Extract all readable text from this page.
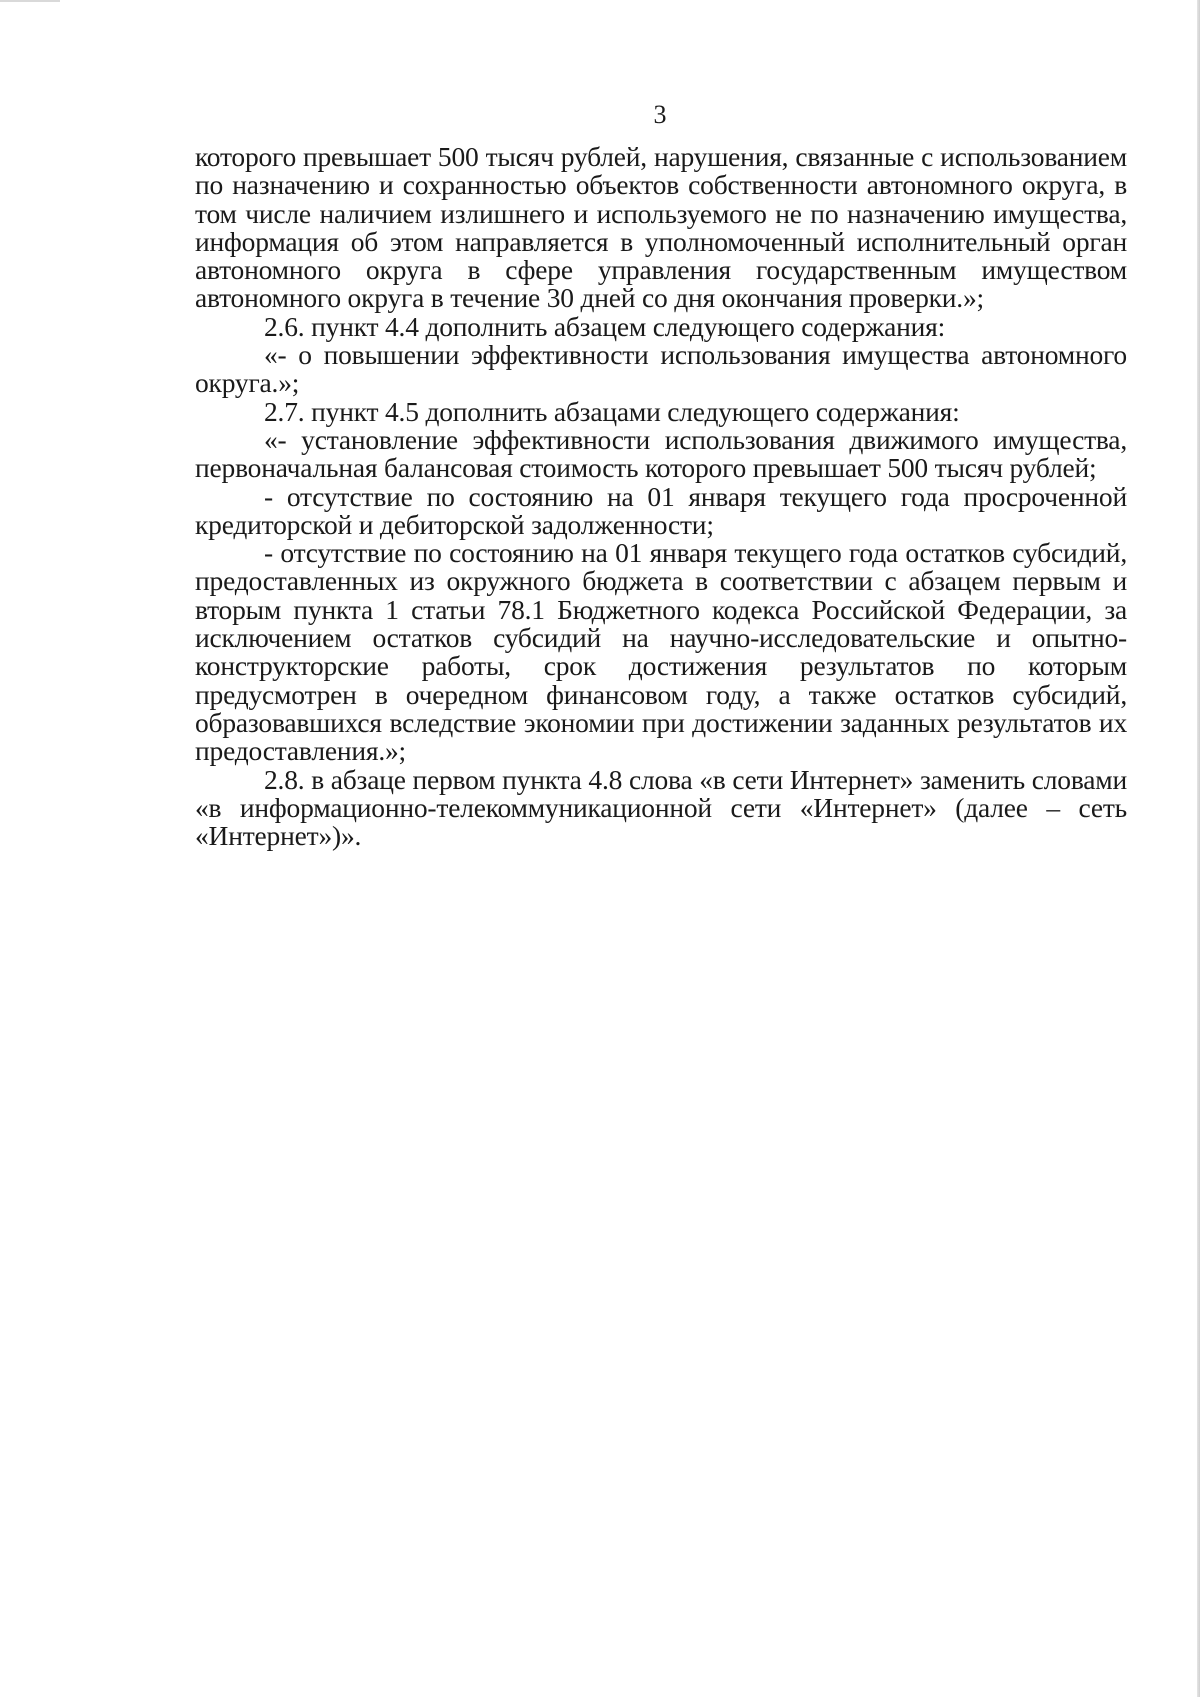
3

которого превышает 500 тысяч рублей, нарушения, связанные с использованием по назначению и сохранностью объектов собственности автономного округа, в том числе наличием излишнего и используемого не по назначению имущества, информация об этом направляется в уполномоченный исполнительный орган автономного округа в сфере управления государственным имуществом автономного округа в течение 30 дней со дня окончания проверки.»;

2.6. пункт 4.4 дополнить абзацем следующего содержания:

«- о повышении эффективности использования имущества автономного округа.»;

2.7. пункт 4.5 дополнить абзацами следующего содержания:

«- установление эффективности использования движимого имущества, первоначальная балансовая стоимость которого превышает 500 тысяч рублей;

- отсутствие по состоянию на 01 января текущего года просроченной кредиторской и дебиторской задолженности;

- отсутствие по состоянию на 01 января текущего года остатков субсидий, предоставленных из окружного бюджета в соответствии с абзацем первым и вторым пункта 1 статьи 78.1 Бюджетного кодекса Российской Федерации, за исключением остатков субсидий на научно-исследовательские и опытно-конструкторские работы, срок достижения результатов по которым предусмотрен в очередном финансовом году, а также остатков субсидий, образовавшихся вследствие экономии при достижении заданных результатов их предоставления.»;

2.8. в абзаце первом пункта 4.8 слова «в сети Интернет» заменить словами «в информационно-телекоммуникационной сети «Интернет» (далее – сеть «Интернет»)».
